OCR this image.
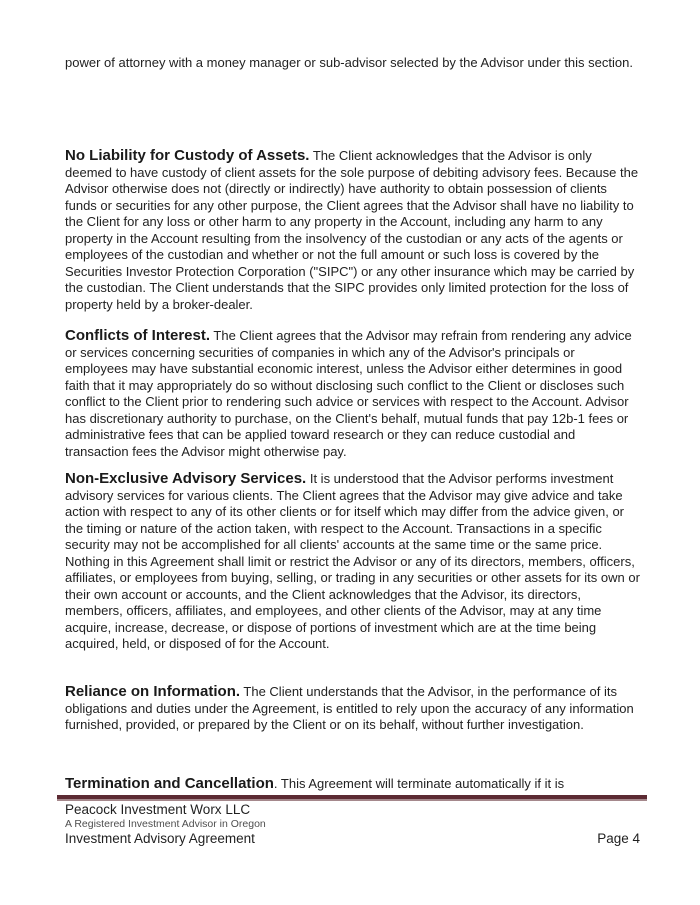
power of attorney with a money manager or sub-advisor selected by the Advisor under this section.

No Liability for Custody of Assets. The Client acknowledges that the Advisor is only deemed to have custody of client assets for the sole purpose of debiting advisory fees. Because the Advisor otherwise does not (directly or indirectly) have authority to obtain possession of clients funds or securities for any other purpose, the Client agrees that the Advisor shall have no liability to the Client for any loss or other harm to any property in the Account, including any harm to any property in the Account resulting from the insolvency of the custodian or any acts of the agents or employees of the custodian and whether or not the full amount or such loss is covered by the Securities Investor Protection Corporation ("SIPC") or any other insurance which may be carried by the custodian. The Client understands that the SIPC provides only limited protection for the loss of property held by a broker-dealer.

Conflicts of Interest. The Client agrees that the Advisor may refrain from rendering any advice or services concerning securities of companies in which any of the Advisor's principals or employees may have substantial economic interest, unless the Advisor either determines in good faith that it may appropriately do so without disclosing such conflict to the Client or discloses such conflict to the Client prior to rendering such advice or services with respect to the Account. Advisor has discretionary authority to purchase, on the Client's behalf, mutual funds that pay 12b-1 fees or administrative fees that can be applied toward research or they can reduce custodial and transaction fees the Advisor might otherwise pay.

Non-Exclusive Advisory Services. It is understood that the Advisor performs investment advisory services for various clients. The Client agrees that the Advisor may give advice and take action with respect to any of its other clients or for itself which may differ from the advice given, or the timing or nature of the action taken, with respect to the Account. Transactions in a specific security may not be accomplished for all clients' accounts at the same time or the same price. Nothing in this Agreement shall limit or restrict the Advisor or any of its directors, members, officers, affiliates, or employees from buying, selling, or trading in any securities or other assets for its own or their own account or accounts, and the Client acknowledges that the Advisor, its directors, members, officers, affiliates, and employees, and other clients of the Advisor, may at any time acquire, increase, decrease, or dispose of portions of investment which are at the time being acquired, held, or disposed of for the Account.

Reliance on Information. The Client understands that the Advisor, in the performance of its obligations and duties under the Agreement, is entitled to rely upon the accuracy of any information furnished, provided, or prepared by the Client or on its behalf, without further investigation.

Termination and Cancellation. This Agreement will terminate automatically if it is

Peacock Investment Worx LLC

A Registered Investment Advisor in Oregon

Investment Advisory Agreement	Page 4
